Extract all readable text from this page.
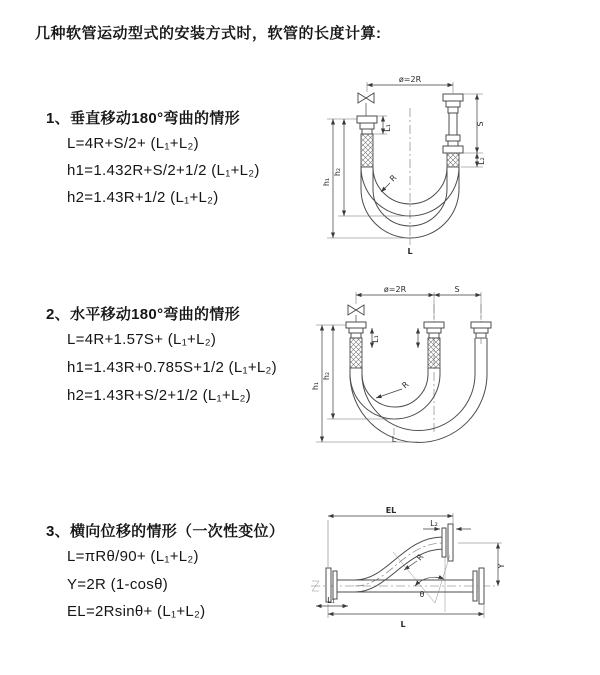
几种软管运动型式的安装方式时，软管的长度计算:
1、垂直移动180°弯曲的情形
L=4R+S/2+ (L₁+L₂)
h1=1.432R+S/2+1/2 (L₁+L₂)
h2=1.43R+1/2 (L₁+L₂)
2、水平移动180°弯曲的情形
L=4R+1.57S+ (L₁+L₂)
h1=1.43R+0.785S+1/2 (L₁+L₂)
h2=1.43R+S/2+1/2 (L₁+L₂)
3、横向位移的情形（一次性变位）
L=πRθ/90+ (L₁+L₂)
Y=2R (1-cosθ)
EL=2Rsinθ+ (L₁+L₂)
ø=2R
L₁
S
L₂
h₁
h₂
R
L
ø=2R	S
L₁
h₁
h₂
R
L
EL
L₂
Y
R
θ
L₁
L
